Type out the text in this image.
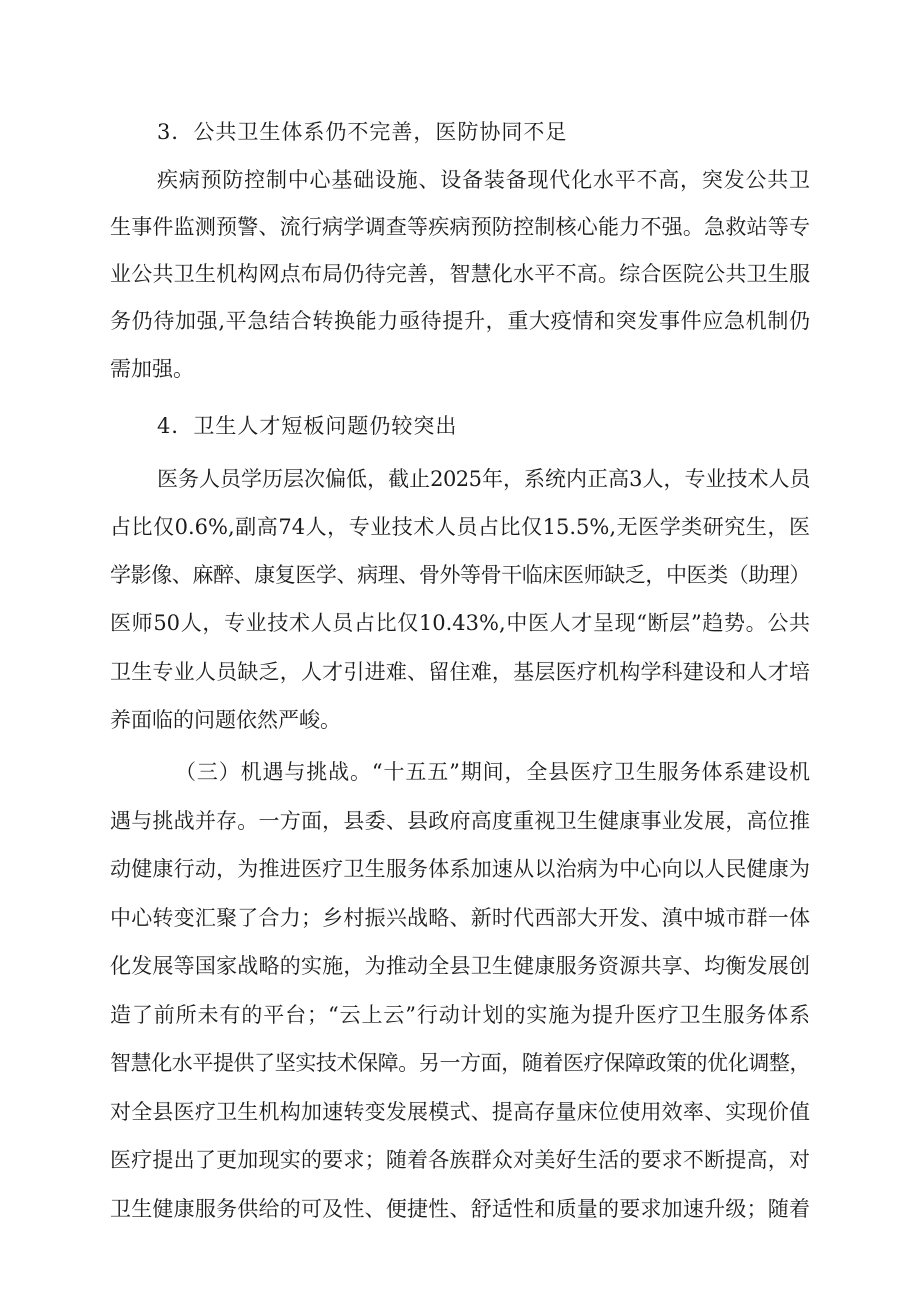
3．公共卫生体系仍不完善，医防协同不足
疾病预防控制中心基础设施、设备装备现代化水平不高，突发公共卫
生事件监测预警、流行病学调查等疾病预防控制核心能力不强。急救站等专
业公共卫生机构网点布局仍待完善，智慧化水平不高。综合医院公共卫生服
务仍待加强,平急结合转换能力亟待提升，重大疫情和突发事件应急机制仍
需加强。
4．卫生人才短板问题仍较突出
医务人员学历层次偏低，截止2025年，系统内正高3人，专业技术人员
占比仅0.6%,副高74人，专业技术人员占比仅15.5%,无医学类研究生，医
学影像、麻醉、康复医学、病理、骨外等骨干临床医师缺乏，中医类（助理）
医师50人，专业技术人员占比仅10.43%,中医人才呈现“断层”趋势。公共
卫生专业人员缺乏，人才引进难、留住难，基层医疗机构学科建设和人才培
养面临的问题依然严峻。
（三）机遇与挑战。“十五五”期间，全县医疗卫生服务体系建设机
遇与挑战并存。一方面，县委、县政府高度重视卫生健康事业发展，高位推
动健康行动，为推进医疗卫生服务体系加速从以治病为中心向以人民健康为
中心转变汇聚了合力；乡村振兴战略、新时代西部大开发、滇中城市群一体
化发展等国家战略的实施，为推动全县卫生健康服务资源共享、均衡发展创
造了前所未有的平台；“云上云”行动计划的实施为提升医疗卫生服务体系
智慧化水平提供了坚实技术保障。另一方面，随着医疗保障政策的优化调整，
对全县医疗卫生机构加速转变发展模式、提高存量床位使用效率、实现价值
医疗提出了更加现实的要求；随着各族群众对美好生活的要求不断提高，对
卫生健康服务供给的可及性、便捷性、舒适性和质量的要求加速升级；随着
